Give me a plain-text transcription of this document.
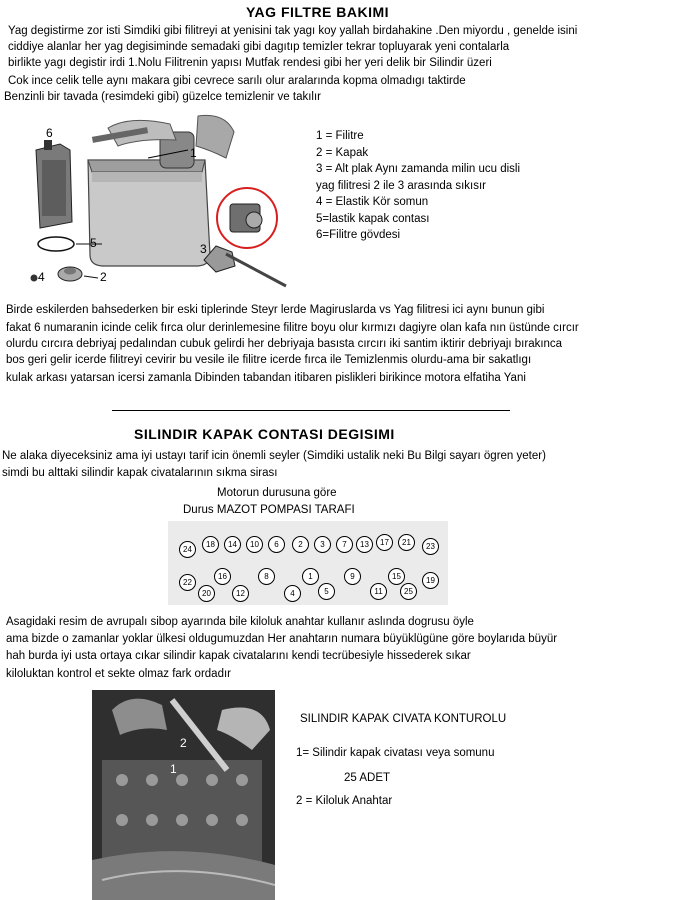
YAG FILTRE BAKIMI
Yag degistirme zor isti Simdiki gibi filitreyi at yenisini tak yagı koy yallah birdahakine .Den miyordu , genelde isini
ciddiye alanlar her yag degisiminde semadaki gibi dagıtıp temizler tekrar topluyarak yeni contalarla
birlikte yagı degistir irdi 1.Nolu Filitrenin yapısı Mutfak rendesi gibi her yeri delik bir Silindir üzeri
Cok ince celik telle aynı makara gibi cevrece sarılı olur aralarında kopma olmadıgı taktirde
Benzinli bir tavada (resimdeki gibi) güzelce temizlenir ve takılır
6
1
5
4	2
3
1 = Filitre
2 = Kapak
3 = Alt plak Aynı zamanda milin ucu disli
yag filitresi 2 ile 3 arasında sıkısır
4 = Elastik Kör somun
5=lastik kapak contası
6=Filitre gövdesi
Birde eskilerden bahsederken bir eski tiplerinde Steyr lerde Magiruslarda vs Yag filitresi ici aynı bunun gibi
fakat 6 numaranin icinde celik fırca olur derinlemesine filitre boyu olur kırmızı dagiyre olan kafa nın üstünde cırcır
olurdu cırcıra debriyaj pedalından cubuk gelirdi her debriyaja basısta cırcırı iki santim iktirir debriyajı bırakınca
bos geri gelir icerde filitreyi cevirir bu vesile ile filitre icerde fırca ile Temizlenmis olurdu-ama bir sakatlıgı
kulak arkası yatarsan icersi zamanla Dibinden tabandan itibaren pislikleri birikince motora elfatiha Yani
SILINDIR KAPAK CONTASI DEGISIMI
Ne alaka diyeceksiniz ama iyi ustayı tarif icin önemli seyler (Simdiki ustalik neki Bu Bilgi sayarı ögren yeter)
simdi bu alttaki silindir kapak civatalarının sıkma sirası
Motorun durusuna göre
Durus MAZOT POMPASI TARAFI
24
18	14	10	6	2	3	7	13	17	21	23
22
16	8	1	9	15	19
20	12	4	5	11	25
Asagidaki resim de avrupalı sibop ayarında bile kiloluk anahtar kullanır aslında dogrusu öyle
ama bizde o zamanlar yoklar ülkesi oldugumuzdan Her anahtarın numara büyüklügüne göre boylarıda büyür
hah burda iyi usta ortaya cıkar silindir kapak civatalarını kendi tecrübesiyle hissederek sıkar
kiloluktan kontrol et sekte olmaz fark ordadır
2
1
SILINDIR KAPAK CIVATA KONTUROLU
1= Silindir kapak civatası veya somunu
25 ADET
2 = Kiloluk Anahtar
